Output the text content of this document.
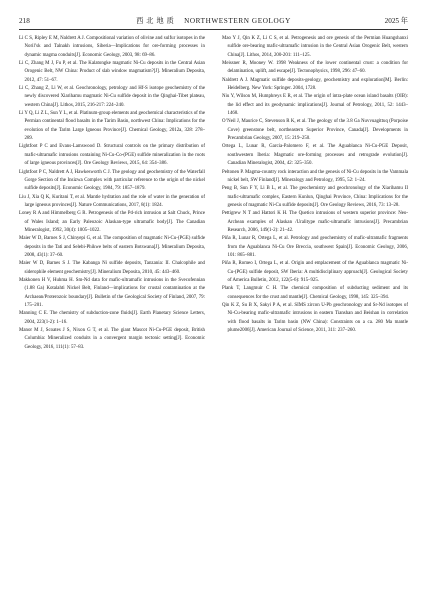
218	西 北 地 质 NORTHWESTERN GEOLOGY	2025 年

Li C S, Ripley E M, Naldrett A J. Compositional variation of olivine and sulfur isotopes in the Noril’sk and Talnakh intrusions, Siberia—Implications for ore-forming processes in dynamic magma conduits[J]. Economic Geology, 2003, 98: 69–86.

Li C, Zhang M J, Fu P, et al. The Kalatongke magmatic Ni-Cu deposits in the Central Asian Orogenic Belt, NW China: Product of slab window magmatism?[J]. Mineralium Deposita, 2012, 47: 51–67.

Li C, Zhang Z, Li W, et al. Geochronology, petrology and Hf-S isotope geochemistry of the newly discovered Xiarihamu magmatic Ni-Cu sulfide deposit in the Qinghai-Tibet plateau, western China[J]. Lithos, 2015, 216-217: 224–240.

Li Y Q, Li Z L, Sun Y L, et al. Platinum-group elements and geochemical characteristics of the Permian continental flood basalts in the Tarim Basin, northwest China: Implications for the evolution of the Tarim Large Igneous Province[J]. Chemical Geology, 2012a, 328: 278–289.

Lightfoot P C and Evans-Lamswood D. Structural controls on the primary distribution of mafic-ultramafic intrusions containing Ni-Cu-Co-(PGE) sulfide mineralization in the roots of large igneous provinces[J]. Ore Geology Reviews, 2015, 64: 354–386.

Lightfoot P C, Naldrett A J, Hawkesworth C J. The geology and geochemistry of the Waterfall Gorge Section of the Insizwa Complex with particular reference to the origin of the nickel sulfide deposits[J]. Economic Geology, 1984, 79: 1857–1879.

Liu J, Xia Q K, Kuritani T, et al. Mantle hydration and the role of water in the generation of large igneous provinces[J]. Nature Communications, 2017, 8(1): 1824.

Loney R A and Himmelberg G R. Petrogenesis of the Pd-rich intrusion at Salt Chuck, Prince of Wales Island; an Early Paleozoic Alaskan-type ultramafic body[J]. The Canadian Mineralogist, 1992, 30(4): 1005–1022.

Maier W D, Barnes S J, Chinyepi G, et al. The composition of magmatic Ni-Cu-(PGE) sulfide deposits in the Tati and Selebi-Phikwe belts of eastern Botswana[J]. Mineralium Deposita, 2008, 43(1): 37–60.

Maier W D, Barnes S J. The Kabanga Ni sulfide deposits, Tanzania: II. Chalcophile and siderophile element geochemistry[J]. Mineralium Deposita, 2010, 45: 443–460.

Makkonen H V, Huhma H. Sm-Nd data for mafic-ultramafic intrusions in the Svecofennian (1.88 Ga) Kotalahti Nickel Belt, Finland—implications for crustal contamination at the Archaean/Proterozoic boundary[J]. Bulletin of the Geological Society of Finland, 2007, 79: 175–201.

Manning C E. The chemistry of subduction-zone fluids[J]. Earth Planetary Science Letters, 2004, 223(1-2): 1–16.

Manor M J, Scoates J S, Nixon G T, et al. The giant Mascot Ni-Cu-PGE deposit, British Columbia: Mineralized conduits in a convergent margin tectonic setting[J]. Economic Geology, 2016, 111(1): 57–83.

Mao Y J, Qin K Z, Li C S, et al. Petrogenesis and ore genesis of the Permian Huangshanxi sulfide ore-bearing mafic-ultramafic intrusion in the Central Asian Orogenic Belt, western China[J]. Lithos, 2014, 200-201: 111–125.

Meissner R, Mooney W. 1998 Weakness of the lower continental crust: a condition for delamination, uplift, and escape[J]. Tectonophysics, 1998, 296: 47–60.

Naldrett A J. Magmatic sulfide deposits-geology, geochemistry and exploration[M]. Berlin: Heidelberg. New York: Springer. 2004, 1728.

Niu Y, Wilson M, Humphreys E R, et al. The origin of intra-plate ocean island basalts (OIB): the lid effect and its geodynamic implications[J]. Journal of Petrology, 2011, 52: 1443–1468.

O’Neil J, Maurice C, Stevenson R K, et al. The geology of the 3.8 Ga Nuvvuagittuq (Porpoise Cove) greenstone belt, northeastern Superior Province, Canada[J]. Developments in Precambrian Geology, 2007, 15: 219–250.

Ortega L, Lunar R, Garcia-Palomero F, et al. The Aguablanca Ni-Cu-PGE Deposit, southwestern Iberia: Magmatic ore-forming processes and retrograde evolution[J]. Canadian Mineralogist, 2004, 42: 325–350.

Peltonen P. Magma-country rock interaction and the genesis of Ni-Cu deposits in the Vammala nickel belt, SW Finland[J]. Mineralogy and Petrology, 1995, 52: 1–24.

Peng B, Sun F Y, Li B L, et al. The geochemistry and geochronology of the Xiarihamu II mafic-ultramafic complex, Eastern Kunlun, Qinghai Province, China: Implications for the genesis of magmatic Ni-Cu sulfide deposits[J]. Ore Geology Reviews, 2016, 73: 13–28.

Pettigrew N T and Hattori K H. The Quetico intrusions of western superior province: Neo-Archean examples of Alaskan /Uralitype mafic-ultramafic intrusions[J]. Precambrian Research, 2006, 149(1-2): 21–42.

Piña R, Lunar R, Ortega L, et al. Petrology and geochemistry of mafic-ultramafic fragments from the Aguablanca Ni-Cu Ore Breccia, southwest Spain[J]. Economic Geology, 2006, 101: 865–881.

Piña R, Romeo I, Ortega L, et al. Origin and emplacement of the Aguablanca magmatic Ni-Cu-(PGE) sulfide deposit, SW Iberia: A multidisciplinary approach[J]. Geological Society of America Bulletin, 2012, 122(5-6): 915–925.

Plank T, Langmuir C H. The chemical composition of subducting sediment and its consequences for the crust and mantle[J]. Chemical Geology, 1998, 145: 325–394.

Qin K Z, Su B X, Sakyi P A, et al. SIMS zircon U-Pb geochronology and Sr-Nd isotopes of Ni-Cu-bearing mafic-ultramafic intrusions in eastern Tianshan and Beishan in correlation with flood basalts in Tarim basin (NW China): Constraints on a ca. 280 Ma mantle plume2006[J]. American Journal of Science, 2011, 311: 237–260.
